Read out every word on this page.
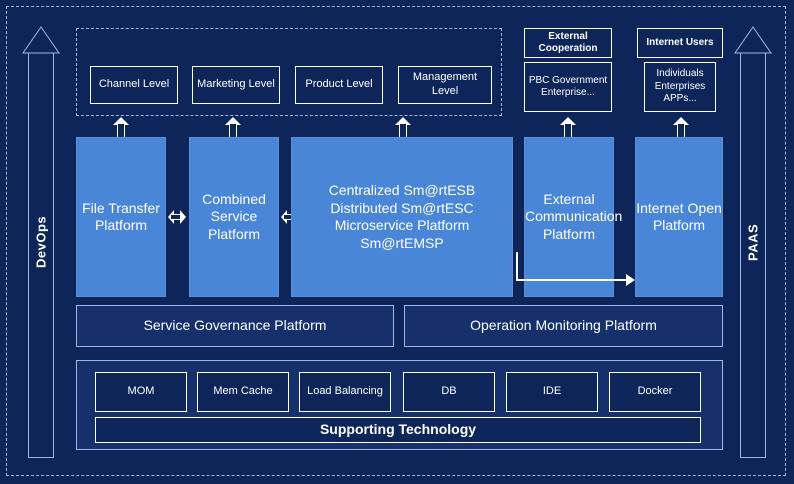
DevOps	PAAS
Channel Level	Marketing Level	Product Level
Management Level
External Cooperation
PBC Government Enterprise...
Internet Users
Individuals Enterprises APPs...
File Transfer Platform
Combined Service Platform
Centralized Sm@rtESB
Distributed Sm@rtESC
Microservice Platform Sm@rtEMSP
External Communication Platform
Internet Open Platform
Service Governance Platform	Operation Monitoring Platform
MOM	Mem Cache	Load Balancing	DB	IDE	Docker
Supporting Technology
